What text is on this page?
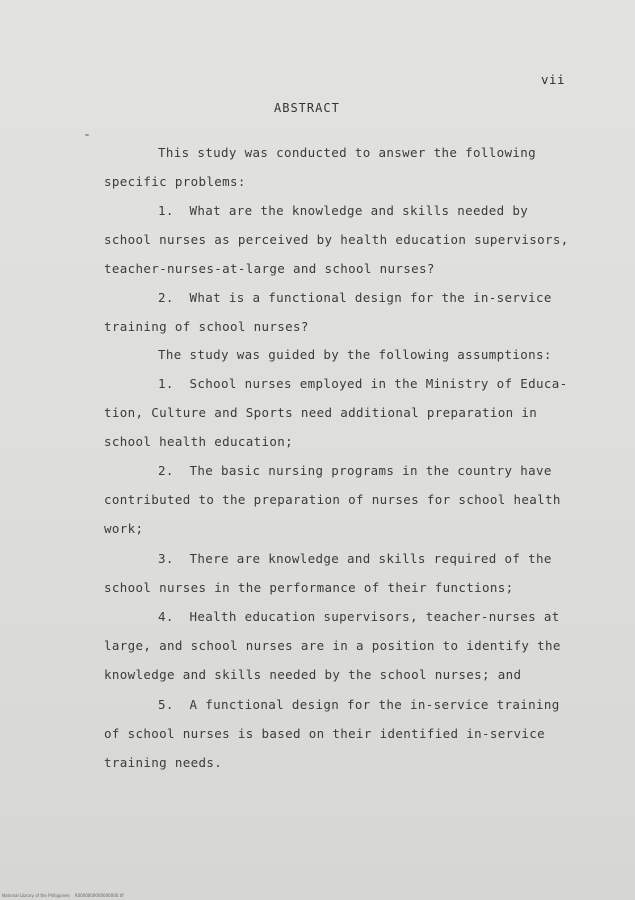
vii
ABSTRACT
This study was conducted to answer the following
specific problems:
1.  What are the knowledge and skills needed by
school nurses as perceived by health education supervisors,
teacher-nurses-at-large and school nurses?
2.  What is a functional design for the in-service
training of school nurses?
The study was guided by the following assumptions:
1.  School nurses employed in the Ministry of Educa-
tion, Culture and Sports need additional preparation in
school health education;
2.  The basic nursing programs in the country have
contributed to the preparation of nurses for school health
work;
3.  There are knowledge and skills required of the
school nurses in the performance of their functions;
4.  Health education supervisors, teacher-nurses at
large, and school nurses are in a position to identify the
knowledge and skills needed by the school nurses; and
5.  A functional design for the in-service training
of school nurses is based on their identified in-service
training needs.
National Library of the Philippines    R0000000000000000.tif
